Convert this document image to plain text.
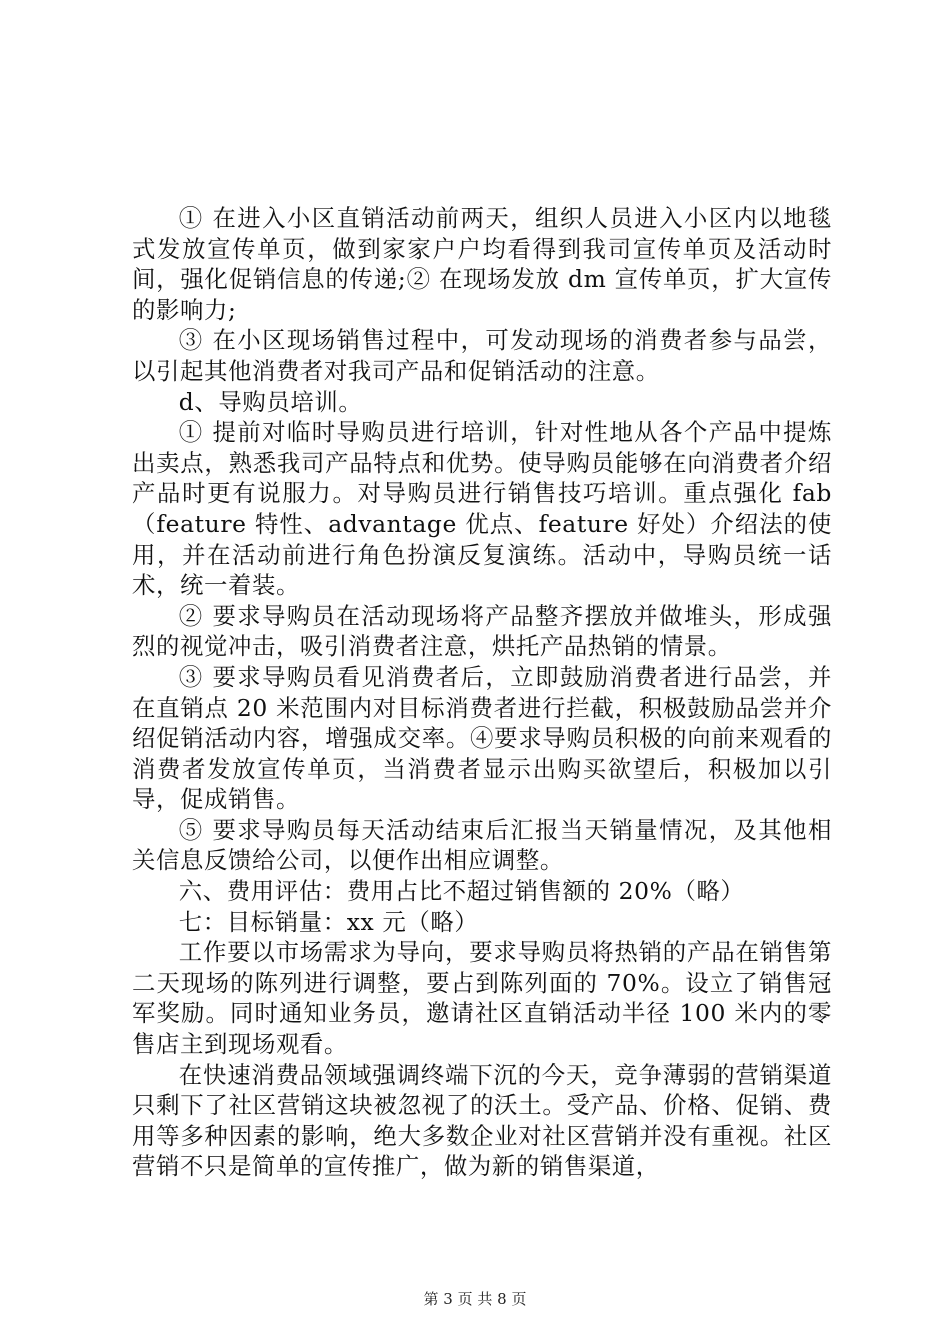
① 在进入小区直销活动前两天，组织人员进入小区内以地毯式发放宣传单页，做到家家户户均看得到我司宣传单页及活动时间，强化促销信息的传递;② 在现场发放 dm 宣传单页，扩大宣传的影响力;

③ 在小区现场销售过程中，可发动现场的消费者参与品尝，以引起其他消费者对我司产品和促销活动的注意。

d、导购员培训。

① 提前对临时导购员进行培训，针对性地从各个产品中提炼出卖点，熟悉我司产品特点和优势。使导购员能够在向消费者介绍产品时更有说服力。对导购员进行销售技巧培训。重点强化 fab（feature 特性、advantage 优点、feature 好处）介绍法的使用，并在活动前进行角色扮演反复演练。活动中，导购员统一话术，统一着装。

② 要求导购员在活动现场将产品整齐摆放并做堆头，形成强烈的视觉冲击，吸引消费者注意，烘托产品热销的情景。

③ 要求导购员看见消费者后，立即鼓励消费者进行品尝，并在直销点 20 米范围内对目标消费者进行拦截，积极鼓励品尝并介绍促销活动内容，增强成交率。④要求导购员积极的向前来观看的消费者发放宣传单页，当消费者显示出购买欲望后，积极加以引导，促成销售。

⑤ 要求导购员每天活动结束后汇报当天销量情况，及其他相关信息反馈给公司，以便作出相应调整。

六、费用评估：费用占比不超过销售额的 20%（略）

七：目标销量：xx 元（略）

工作要以市场需求为导向，要求导购员将热销的产品在销售第二天现场的陈列进行调整，要占到陈列面的 70%。设立了销售冠军奖励。同时通知业务员，邀请社区直销活动半径 100 米内的零售店主到现场观看。

在快速消费品领域强调终端下沉的今天，竞争薄弱的营销渠道只剩下了社区营销这块被忽视了的沃土。受产品、价格、促销、费用等多种因素的影响，绝大多数企业对社区营销并没有重视。社区营销不只是简单的宣传推广，做为新的销售渠道，

第 3 页 共 8 页
